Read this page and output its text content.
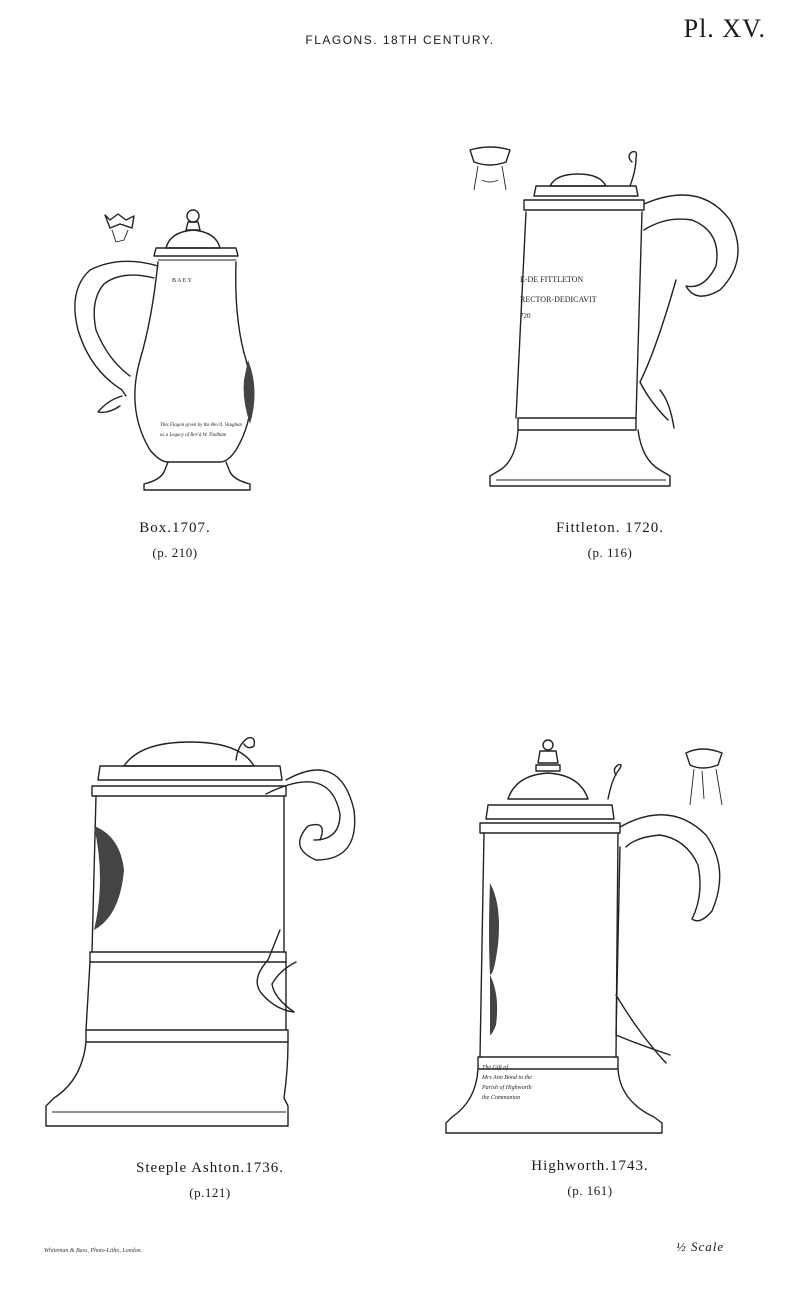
FLAGONS. 18TH CENTURY.	Pl. XV.
B A E Y
This Flagon given by the Rev'd. Vaughan
as a Legacy of Rev'd W. Tindham
Box.1707.
(p. 210)
E-DE FITTLETON
RECTOR-DEDICAVIT
720
Fittleton. 1720.
(p. 116)
Steeple Ashton.1736.
(p.121)
The Gift of
Mrs Ann Bond to the
Parish of Highworth
the Communion
Highworth.1743.
(p. 161)
Whiteman & Bass, Photo-Litho, London.	½ Scale
